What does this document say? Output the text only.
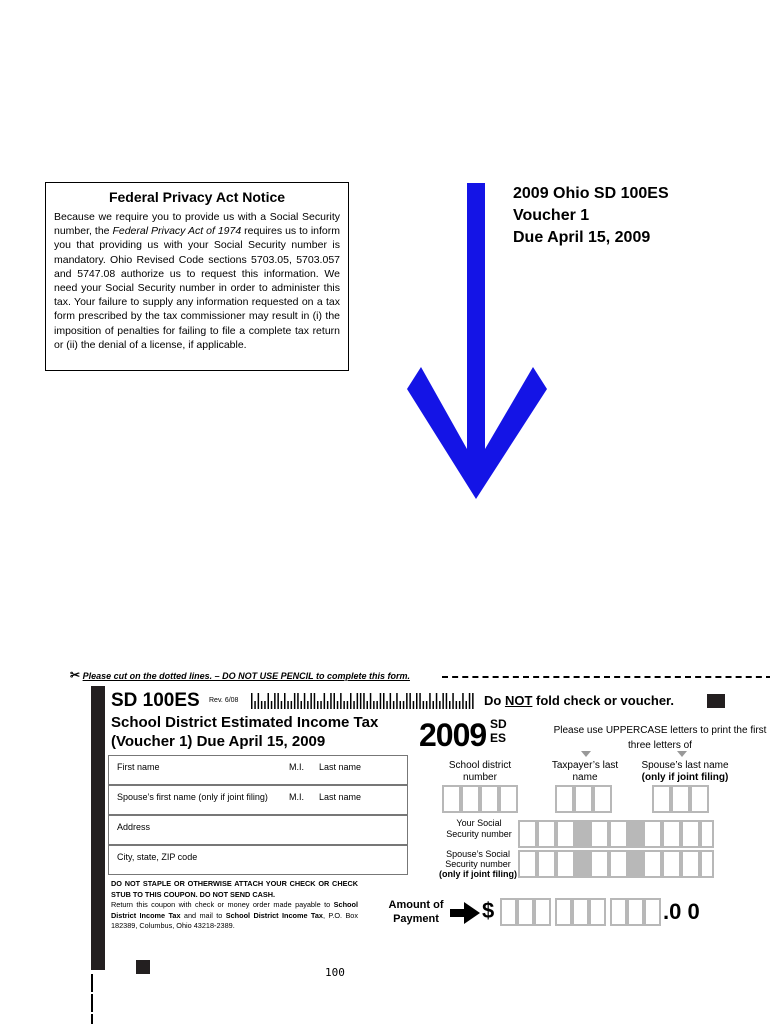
Federal Privacy Act Notice

Because we require you to provide us with a Social Security number, the Federal Privacy Act of 1974 requires us to inform you that providing us with your Social Security number is mandatory. Ohio Revised Code sections 5703.05, 5703.057 and 5747.08 authorize us to request this information. We need your Social Security number in order to administer this tax. Your failure to supply any information requested on a tax form prescribed by the tax commissioner may result in (i) the imposition of penalties for failing to file a complete tax return or (ii) the denial of a license, if applicable.

2009 Ohio SD 100ES
Voucher 1
Due April 15, 2009
✂ Please cut on the dotted lines. – DO NOT USE PENCIL to complete this form.
SD 100ES Rev. 6/08	Do NOT fold check or voucher.
School District Estimated Income Tax
(Voucher 1) Due April 15, 2009	2009 SD
ES
Please use UPPERCASE letters to print the first three letters of
First name	M.I. Last name
Spouse’s first name (only if joint filing) M.I. Last name
Address
City, state, ZIP code
School district number
Taxpayer’s last name
Spouse’s last name
(only if joint filing)
Your Social Security number
Spouse’s Social Security number
(only if joint filing)
DO NOT STAPLE OR OTHERWISE ATTACH YOUR CHECK OR CHECK STUB TO THIS COUPON. DO NOT SEND CASH.
Return this coupon with check or money order made payable to School District Income Tax and mail to School District Income Tax, P.O. Box 182389, Columbus, Ohio 43218-2389.
Amount of Payment	$	.0 0
100
